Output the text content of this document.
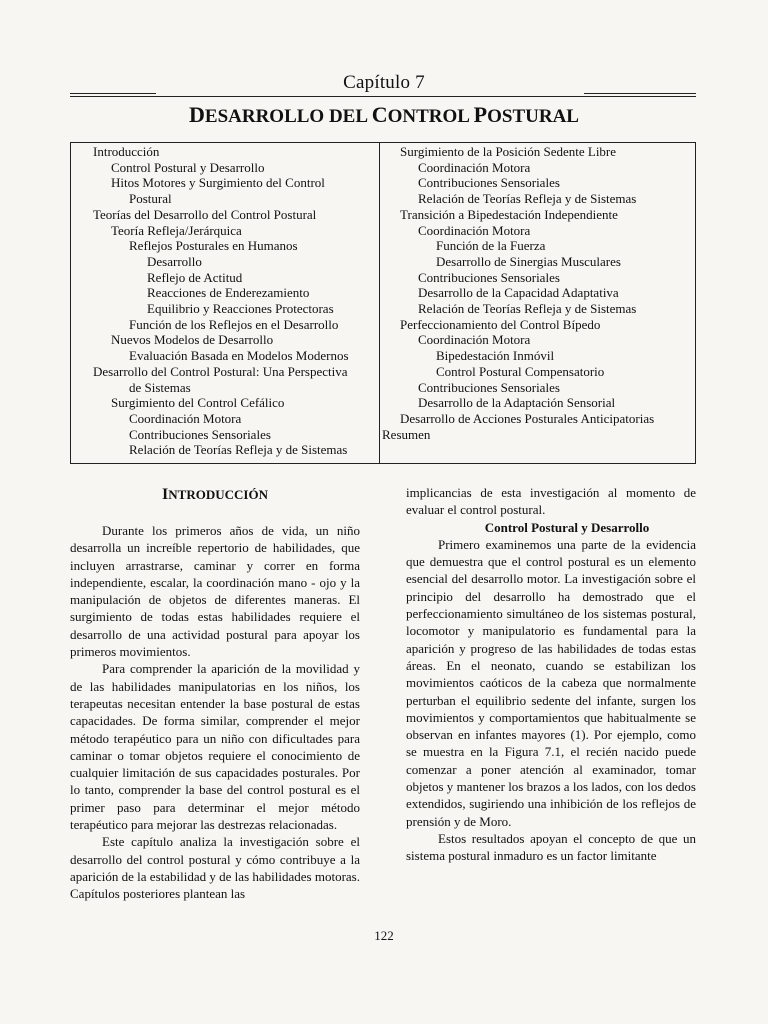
Capítulo 7
DESARROLLO DEL CONTROL POSTURAL
Introducción
Control Postural y Desarrollo
Hitos Motores y Surgimiento del Control
Postural
Teorías del Desarrollo del Control Postural
Teoría Refleja/Jerárquica
Reflejos Posturales en Humanos
Desarrollo
Reflejo de Actitud
Reacciones de Enderezamiento
Equilibrio y Reacciones Protectoras
Función de los Reflejos en el Desarrollo
Nuevos Modelos de Desarrollo
Evaluación Basada en Modelos Modernos
Desarrollo del Control Postural: Una Perspectiva
de Sistemas
Surgimiento del Control Cefálico
Coordinación Motora
Contribuciones Sensoriales
Relación de Teorías Refleja y de Sistemas
Surgimiento de la Posición Sedente Libre
Coordinación Motora
Contribuciones Sensoriales
Relación de Teorías Refleja y de Sistemas
Transición a Bipedestación Independiente
Coordinación Motora
Función de la Fuerza
Desarrollo de Sinergias Musculares
Contribuciones Sensoriales
Desarrollo de la Capacidad Adaptativa
Relación de Teorías Refleja y de Sistemas
Perfeccionamiento del Control Bípedo
Coordinación Motora
Bipedestación Inmóvil
Control Postural Compensatorio
Contribuciones Sensoriales
Desarrollo de la Adaptación Sensorial
Desarrollo de Acciones Posturales Anticipatorias
Resumen
INTRODUCCIÓN

Durante los primeros años de vida, un niño desarrolla un increíble repertorio de habilidades, que incluyen arrastrarse, caminar y correr en forma independiente, escalar, la coordinación mano - ojo y la manipulación de objetos de diferentes maneras. El surgimiento de todas estas habilidades requiere el desarrollo de una actividad postural para apoyar los primeros movimientos.

Para comprender la aparición de la movilidad y de las habilidades manipulatorias en los niños, los terapeutas necesitan entender la base postural de estas capacidades. De forma similar, comprender el mejor método terapéutico para un niño con dificultades para caminar o tomar objetos requiere el conocimiento de cualquier limitación de sus capacidades posturales. Por lo tanto, comprender la base del control postural es el primer paso para determinar el mejor método terapéutico para mejorar las destrezas relacionadas.

Este capítulo analiza la investigación sobre el desarrollo del control postural y cómo contribuye a la aparición de la estabilidad y de las habilidades motoras. Capítulos posteriores plantean las

implicancias de esta investigación al momento de evaluar el control postural.

Control Postural y Desarrollo

Primero examinemos una parte de la evidencia que demuestra que el control postural es un elemento esencial del desarrollo motor. La investigación sobre el principio del desarrollo ha demostrado que el perfeccionamiento simultáneo de los sistemas postural, locomotor y manipulatorio es fundamental para la aparición y progreso de las habilidades de todas estas áreas. En el neonato, cuando se estabilizan los movimientos caóticos de la cabeza que normalmente perturban el equilibrio sedente del infante, surgen los movimientos y comportamientos que habitualmente se observan en infantes mayores (1). Por ejemplo, como se muestra en la Figura 7.1, el recién nacido puede comenzar a poner atención al examinador, tomar objetos y mantener los brazos a los lados, con los dedos extendidos, sugiriendo una inhibición de los reflejos de prensión y de Moro.

Estos resultados apoyan el concepto de que un sistema postural inmaduro es un factor limitante

122
